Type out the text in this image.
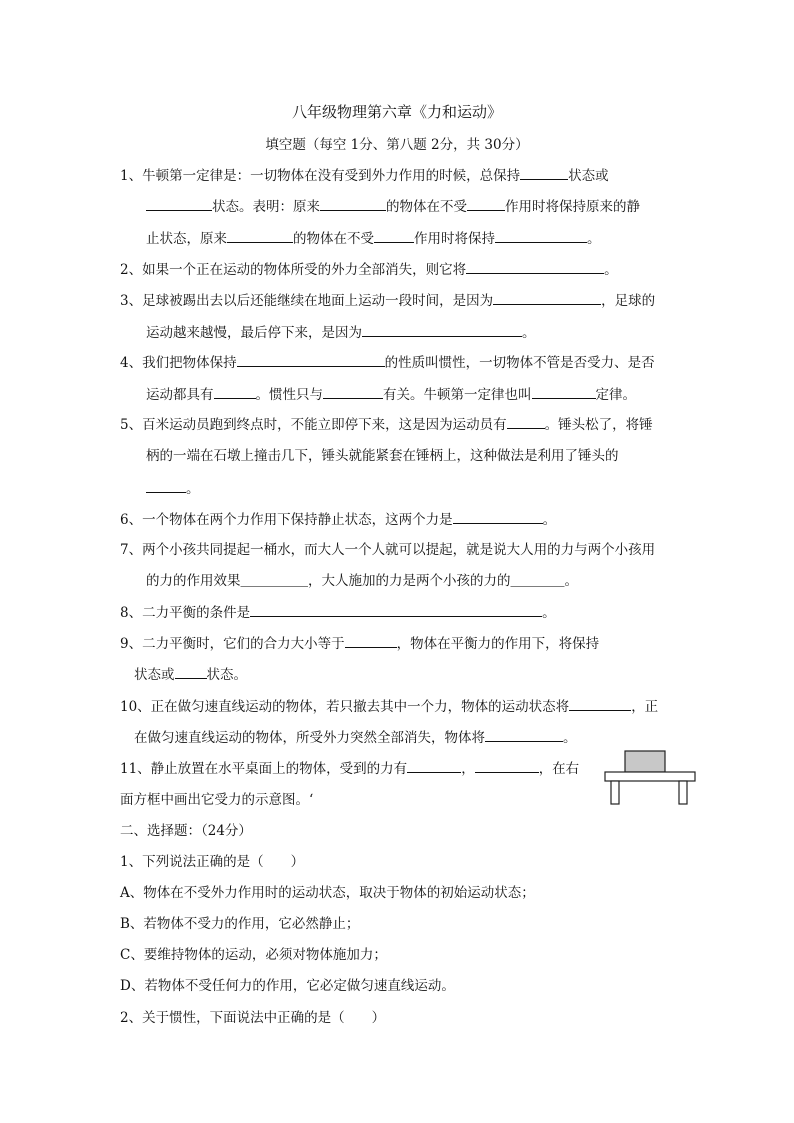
八年级物理第六章《力和运动》
填空题（每空 1分、第八题 2分，共 30分）
1、牛顿第一定律是：一切物体在没有受到外力作用的时候，总保持	状态或
状态。表明：原来	的物体在不受	作用时将保持原来的静
止状态，原来	的物体在不受	作用时将保持	。
2、如果一个正在运动的物体所受的外力全部消失，则它将	。
3、足球被踢出去以后还能继续在地面上运动一段时间，是因为	，足球的
运动越来越慢，最后停下来，是因为	。
4、我们把物体保持	的性质叫惯性，一切物体不管是否受力、是否
运动都具有	。惯性只与	有关。牛顿第一定律也叫	定律。
5、百米运动员跑到终点时，不能立即停下来，这是因为运动员有	。锤头松了，将锤
柄的一端在石墩上撞击几下，锤头就能紧套在锤柄上，这种做法是利用了锤头的
。
6、一个物体在两个力作用下保持静止状态，这两个力是	。
7、两个小孩共同提起一桶水，而大人一个人就可以提起，就是说大人用的力与两个小孩用
的力的作用效果＿＿＿＿＿，大人施加的力是两个小孩的力的＿＿＿＿。
8、二力平衡的条件是	。
9、二力平衡时，它们的合力大小等于	，物体在平衡力的作用下，将保持
状态或 状态。
10、正在做匀速直线运动的物体，若只撤去其中一个力，物体的运动状态将	，正
在做匀速直线运动的物体，所受外力突然全部消失，物体将	。
11、静止放置在水平桌面上的物体，受到的力有	，	，在右
面方框中画出它受力的示意图。‘
二、选择题：（24分）
1、下列说法正确的是（　　）
A、物体在不受外力作用时的运动状态，取决于物体的初始运动状态；
B、若物体不受力的作用，它必然静止；
C、要维持物体的运动，必须对物体施加力；
D、若物体不受任何力的作用，它必定做匀速直线运动。
2、关于惯性，下面说法中正确的是（　　）
